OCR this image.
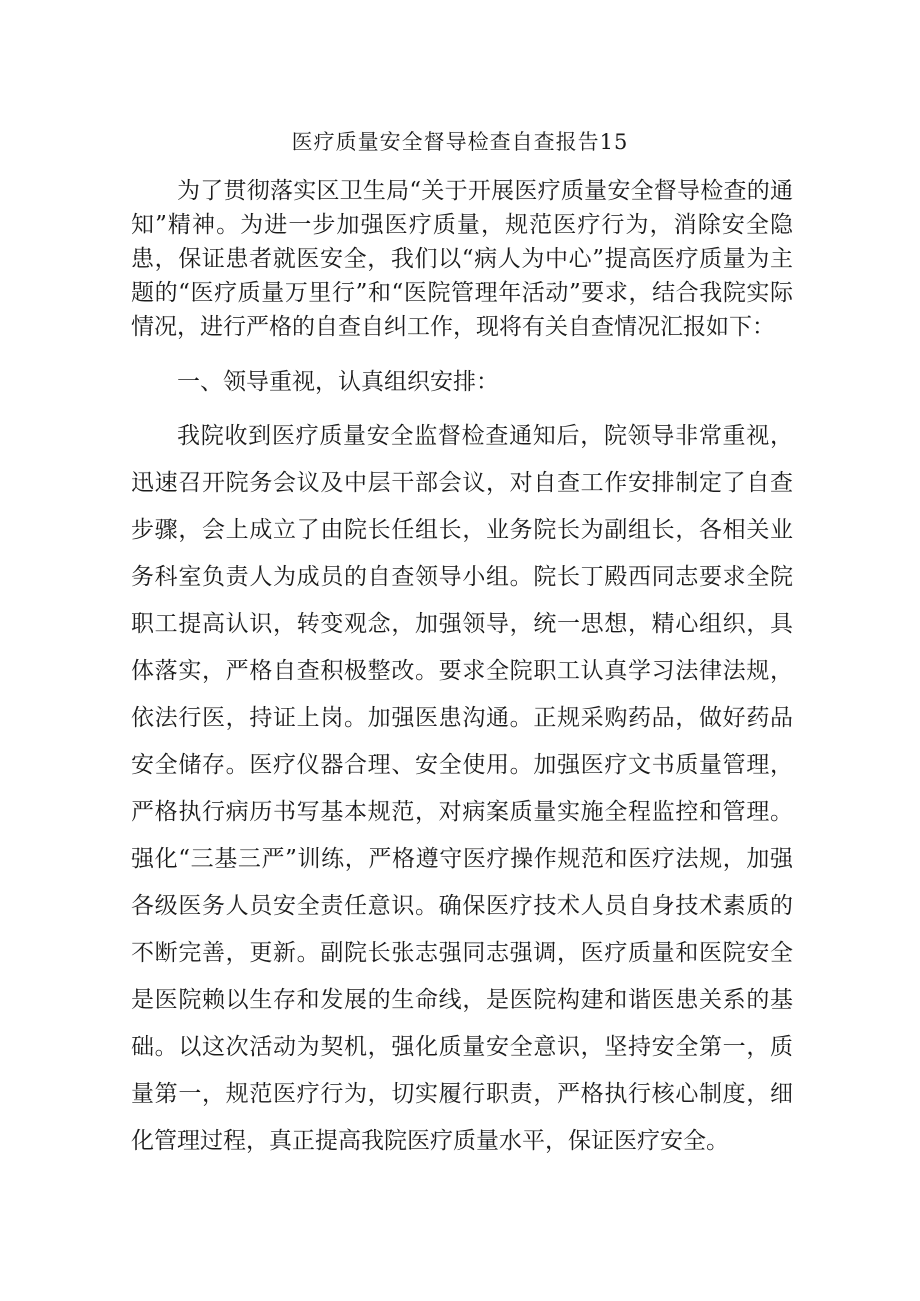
医疗质量安全督导检查自查报告15

为了贯彻落实区卫生局“关于开展医疗质量安全督导检查的通知”精神。为进一步加强医疗质量，规范医疗行为，消除安全隐患，保证患者就医安全，我们以“病人为中心”提高医疗质量为主题的“医疗质量万里行”和“医院管理年活动”要求，结合我院实际情况，进行严格的自查自纠工作，现将有关自查情况汇报如下：

一、领导重视，认真组织安排：

我院收到医疗质量安全监督检查通知后，院领导非常重视，迅速召开院务会议及中层干部会议，对自查工作安排制定了自查步骤，会上成立了由院长任组长，业务院长为副组长，各相关业务科室负责人为成员的自查领导小组。院长丁殿西同志要求全院职工提高认识，转变观念，加强领导，统一思想，精心组织，具体落实，严格自查积极整改。要求全院职工认真学习法律法规，依法行医，持证上岗。加强医患沟通。正规采购药品，做好药品安全储存。医疗仪器合理、安全使用。加强医疗文书质量管理，严格执行病历书写基本规范，对病案质量实施全程监控和管理。强化“三基三严”训练，严格遵守医疗操作规范和医疗法规，加强各级医务人员安全责任意识。确保医疗技术人员自身技术素质的不断完善，更新。副院长张志强同志强调，医疗质量和医院安全是医院赖以生存和发展的生命线，是医院构建和谐医患关系的基础。以这次活动为契机，强化质量安全意识，坚持安全第一，质量第一，规范医疗行为，切实履行职责，严格执行核心制度，细化管理过程，真正提高我院医疗质量水平，保证医疗安全。
